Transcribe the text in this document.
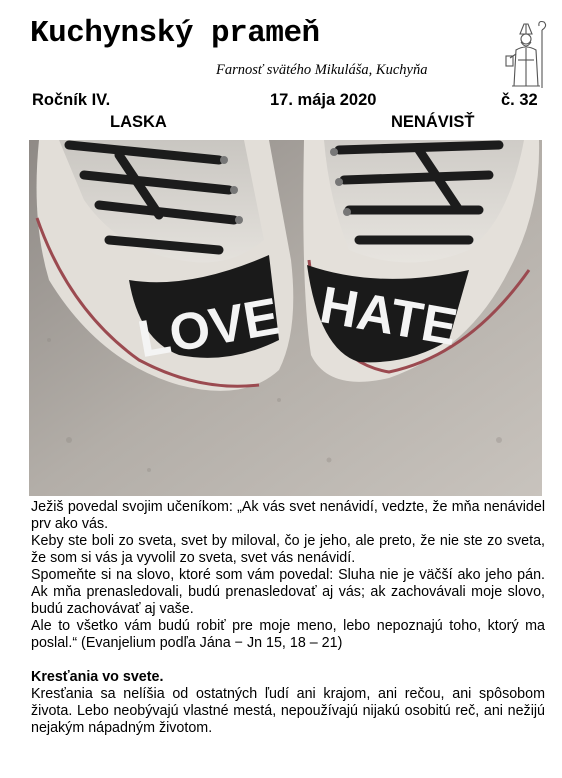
Kuchynský prameň
Farnosť svätého Mikuláša, Kuchyňa
Ročník IV.	17. mája 2020	č. 32
LASKA	NENÁVISŤ
LOVE HATE

Ježiš povedal svojim učeníkom: „Ak vás svet nenávidí, vedzte, že mňa nenávidel prv ako vás.

Keby ste boli zo sveta, svet by miloval, čo je jeho, ale preto, že nie ste zo sveta, že som si vás ja vyvolil zo sveta, svet vás nenávidí.

Spomeňte si na slovo, ktoré som vám povedal: Sluha nie je väčší ako jeho pán. Ak mňa prenasledovali, budú prenasledovať aj vás; ak zachovávali moje slovo, budú zachovávať aj vaše.

Ale to všetko vám budú robiť pre moje meno, lebo nepoznajú toho, ktorý ma poslal.“ (Evanjelium podľa Jána − Jn 15, 18 – 21)

Kresťania vo svete.

Kresťania sa nelíšia od ostatných ľudí ani krajom, ani rečou, ani spôsobom života. Lebo neobývajú vlastné mestá, nepoužívajú nijakú osobitú reč, ani nežijú nejakým nápadným životom.
